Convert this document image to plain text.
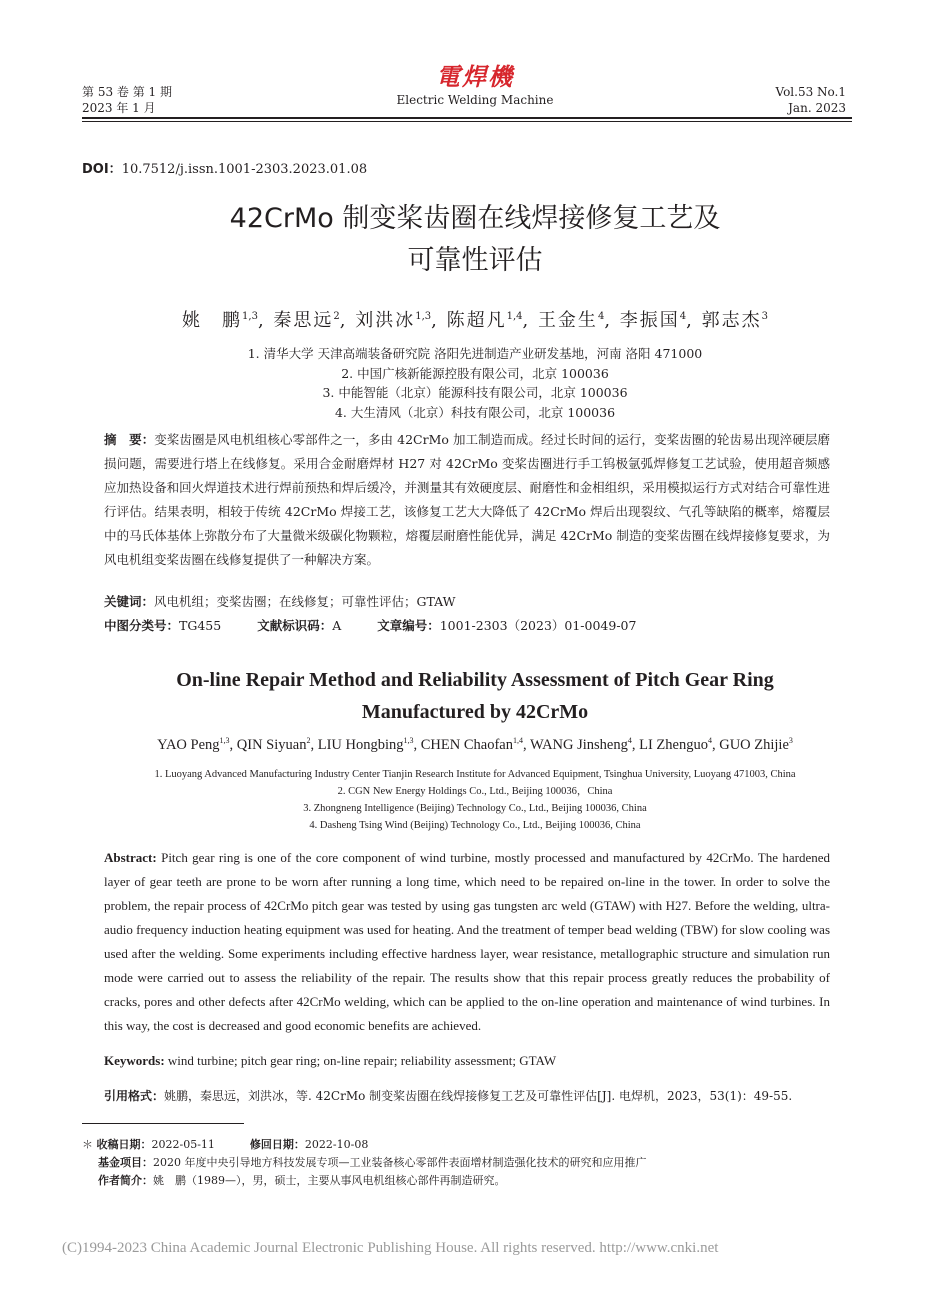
第 53 卷 第 1 期
2023 年 1 月
電焊機
Electric Welding Machine
Vol.53 No.1
Jan. 2023
DOI：10.7512/j.issn.1001-2303.2023.01.08
42CrMo 制变桨齿圈在线焊接修复工艺及
可靠性评估
姚　鹏$^{1,3}$, 秦思远$^2$, 刘洪冰$^{1,3}$, 陈超凡$^{1,4}$, 王金生$^4$, 李振国$^4$, 郭志杰$^3$
1. 清华大学 天津高端装备研究院 洛阳先进制造产业研发基地，河南 洛阳 471000
2. 中国广核新能源控股有限公司，北京 100036
3. 中能智能（北京）能源科技有限公司，北京 100036
4. 大生清风（北京）科技有限公司，北京 100036
摘　要：变桨齿圈是风电机组核心零部件之一，多由 42CrMo 加工制造而成。经过长时间的运行，变桨齿圈的轮齿易出现淬硬层磨损问题，需要进行塔上在线修复。采用合金耐磨焊材 H27 对 42CrMo 变桨齿圈进行手工钨极氩弧焊修复工艺试验，使用超音频感应加热设备和回火焊道技术进行焊前预热和焊后缓冷，并测量其有效硬度层、耐磨性和金相组织，采用模拟运行方式对结合可靠性进行评估。结果表明，相较于传统 42CrMo 焊接工艺，该修复工艺大大降低了 42CrMo 焊后出现裂纹、气孔等缺陷的概率，熔覆层中的马氏体基体上弥散分布了大量微米级碳化物颗粒，熔覆层耐磨性能优异，满足 42CrMo 制造的变桨齿圈在线焊接修复要求，为风电机组变桨齿圈在线修复提供了一种解决方案。
关键词：风电机组；变桨齿圈；在线修复；可靠性评估；GTAW
中图分类号：TG455	文献标识码：A	文章编号：1001-2303（2023）01-0049-07
On-line Repair Method and Reliability Assessment of Pitch Gear Ring
Manufactured by 42CrMo
YAO Peng$^{1,3}$, QIN Siyuan$^2$, LIU Hongbing$^{1,3}$, CHEN Chaofan$^{1,4}$, WANG Jinsheng$^4$, LI Zhenguo$^4$, GUO Zhijie$^3$
1. Luoyang Advanced Manufacturing Industry Center Tianjin Research Institute for Advanced Equipment, Tsinghua University, Luoyang 471003, China
2. CGN New Energy Holdings Co., Ltd., Beijing 100036，China
3. Zhongneng Intelligence (Beijing) Technology Co., Ltd., Beijing 100036, China
4. Dasheng Tsing Wind (Beijing) Technology Co., Ltd., Beijing 100036, China
Abstract: Pitch gear ring is one of the core component of wind turbine, mostly processed and manufactured by 42CrMo. The hardened layer of gear teeth are prone to be worn after running a long time, which need to be repaired on-line in the tower. In order to solve the problem, the repair process of 42CrMo pitch gear was tested by using gas tungsten arc weld (GTAW) with H27. Before the welding, ultra-audio frequency induction heating equipment was used for heating. And the treatment of temper bead welding (TBW) for slow cooling was used after the welding. Some experiments including effective hardness layer, wear resistance, metallographic structure and simulation run mode were carried out to assess the reliability of the repair. The results show that this repair process greatly reduces the probability of cracks, pores and other defects after 42CrMo welding, which can be applied to the on-line operation and maintenance of wind turbines. In this way, the cost is decreased and good economic benefits are achieved.
Keywords: wind turbine; pitch gear ring; on-line repair; reliability assessment; GTAW
引用格式：姚鹏，秦思远，刘洪冰，等. 42CrMo 制变桨齿圈在线焊接修复工艺及可靠性评估[J]. 电焊机，2023，53(1)：49-55.
＊ 收稿日期：2022-05-11	修回日期：2022-10-08
基金项目：2020 年度中央引导地方科技发展专项—工业装备核心零部件表面增材制造强化技术的研究和应用推广
作者简介：姚　鹏（1989—），男，硕士，主要从事风电机组核心部件再制造研究。
(C)1994-2023 China Academic Journal Electronic Publishing House. All rights reserved. http://www.cnki.net
